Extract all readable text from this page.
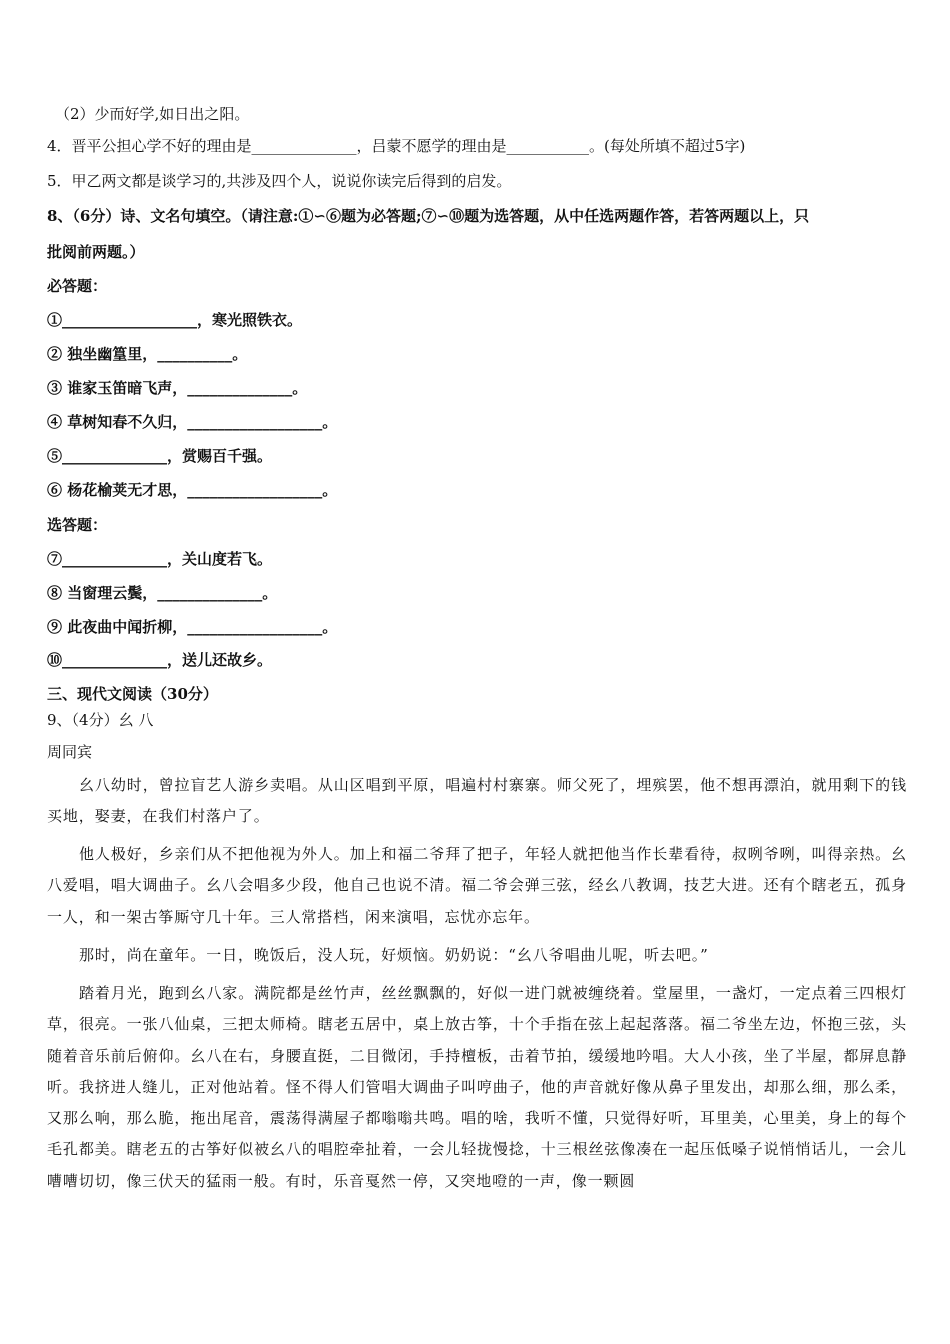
（2）少而好学,如日出之阳。
4．晋平公担心学不好的理由是______________，吕蒙不愿学的理由是___________。(每处所填不超过5字)
5．甲乙两文都是谈学习的,共涉及四个人，说说你读完后得到的启发。
8、（6分）诗、文名句填空。（请注意:①∽⑥题为必答题;⑦∽⑩题为选答题，从中任选两题作答，若答两题以上，只
批阅前两题。）
必答题：
①__________________，寒光照铁衣。
② 独坐幽篁里，__________。
③ 谁家玉笛暗飞声，______________。
④ 草树知春不久归，__________________。
⑤______________，赏赐百千强。
⑥ 杨花榆荚无才思，__________________。
选答题：
⑦______________，关山度若飞。
⑧ 当窗理云鬓，______________。
⑨ 此夜曲中闻折柳，__________________。
⑩______________，送儿还故乡。
三、现代文阅读（30分）
9、（4分）幺 八
周同宾
幺八幼时，曾拉盲艺人游乡卖唱。从山区唱到平原，唱遍村村寨寨。师父死了，埋殡罢，他不想再漂泊，就用剩下的钱买地，娶妻，在我们村落户了。
他人极好，乡亲们从不把他视为外人。加上和福二爷拜了把子，年轻人就把他当作长辈看待，叔咧爷咧，叫得亲热。幺八爱唱，唱大调曲子。幺八会唱多少段，他自己也说不清。福二爷会弹三弦，经幺八教调，技艺大进。还有个瞎老五，孤身一人，和一架古筝厮守几十年。三人常搭档，闲来演唱，忘忧亦忘年。
那时，尚在童年。一日，晚饭后，没人玩，好烦恼。奶奶说：“幺八爷唱曲儿呢，听去吧。”
踏着月光，跑到幺八家。满院都是丝竹声，丝丝飘飘的，好似一进门就被缠绕着。堂屋里，一盏灯，一定点着三四根灯草，很亮。一张八仙桌，三把太师椅。瞎老五居中，桌上放古筝，十个手指在弦上起起落落。福二爷坐左边，怀抱三弦，头随着音乐前后俯仰。幺八在右，身腰直挺，二目微闭，手持檀板，击着节拍，缓缓地吟唱。大人小孩，坐了半屋，都屏息静听。我挤进人缝儿，正对他站着。怪不得人们管唱大调曲子叫哼曲子，他的声音就好像从鼻子里发出，却那么细，那么柔，又那么响，那么脆，拖出尾音，震荡得满屋子都嗡嗡共鸣。唱的啥，我听不懂，只觉得好听，耳里美，心里美，身上的每个毛孔都美。瞎老五的古筝好似被幺八的唱腔牵扯着，一会儿轻拢慢捻，十三根丝弦像凑在一起压低嗓子说悄悄话儿，一会儿嘈嘈切切，像三伏天的猛雨一般。有时，乐音戛然一停，又突地噔的一声，像一颗圆
